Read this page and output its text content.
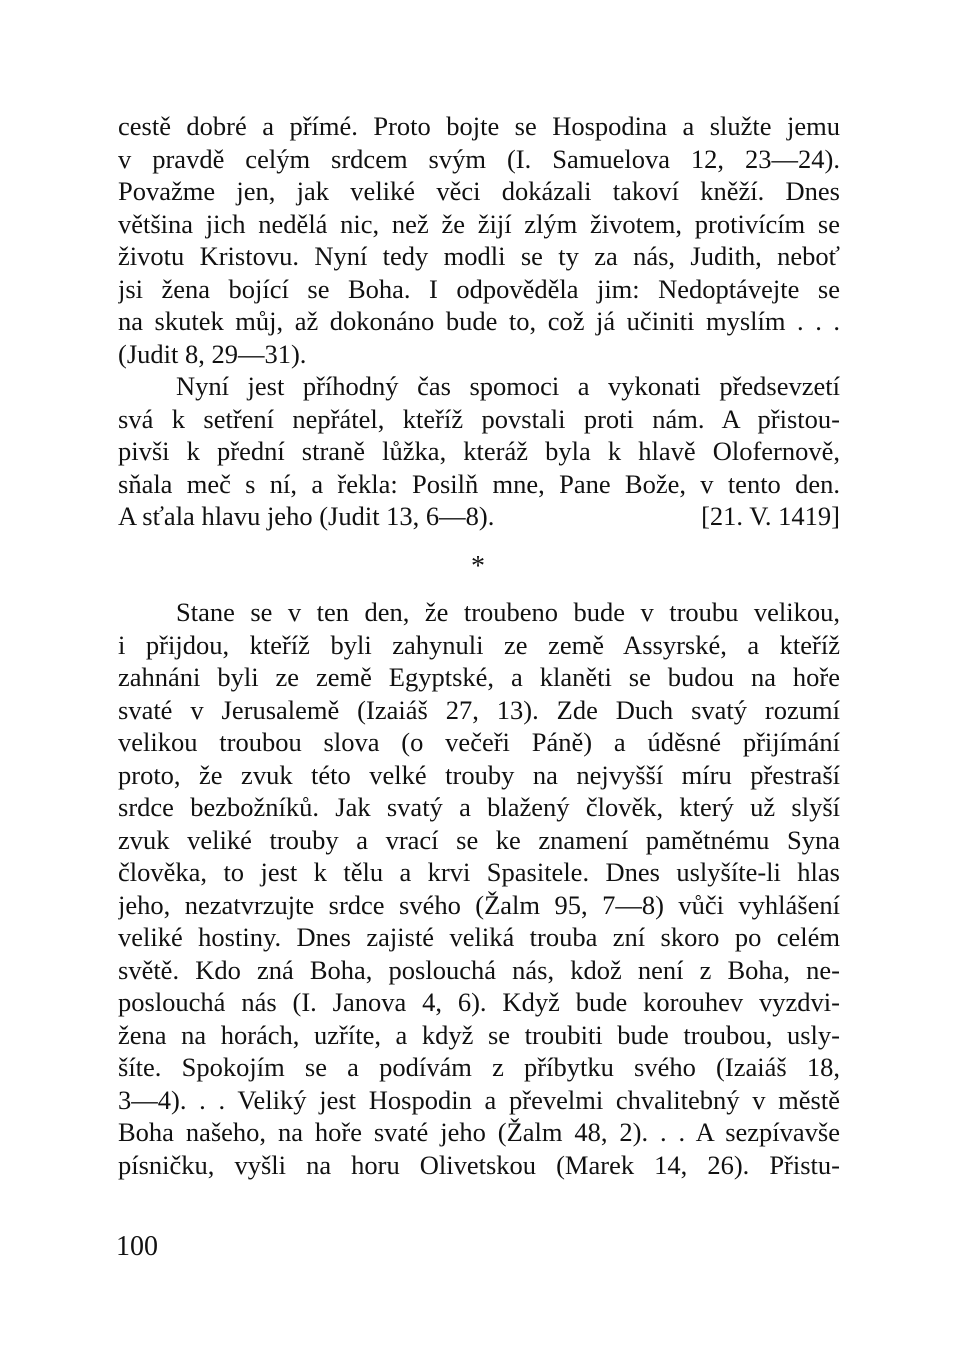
cestě dobré a přímé. Proto bojte se Hospodina a služte jemu
v pravdě celým srdcem svým (I. Samuelova 12, 23—24).
Považme jen, jak veliké věci dokázali takoví kněží. Dnes
většina jich nedělá nic, než že žijí zlým životem, protivícím se
životu Kristovu. Nyní tedy modli se ty za nás, Judith, neboť
jsi žena bojící se Boha. I odpověděla jim: Nedoptávejte se
na skutek můj, až dokonáno bude to, což já učiniti myslím . . .
(Judit 8, 29—31).
Nyní jest příhodný čas spomoci a vykonati předsevzetí
svá k setření nepřátel, kteříž povstali proti nám. A přistou-
pivši k přední straně lůžka, kteráž byla k hlavě Olofernově,
sňala meč s ní, a řekla: Posilň mne, Pane Bože, v tento den.
A sťala hlavu jeho (Judit 13, 6—8).	[21. V. 1419]
*
Stane se v ten den, že troubeno bude v troubu velikou,
i přijdou, kteříž byli zahynuli ze země Assyrské, a kteříž
zahnáni byli ze země Egyptské, a klaněti se budou na hoře
svaté v Jerusalemě (Izaiáš 27, 13). Zde Duch svatý rozumí
velikou troubou slova (o večeři Páně) a úděsné přijímání
proto, že zvuk této velké trouby na nejvyšší míru přestraší
srdce bezbožníků. Jak svatý a blažený člověk, který už slyší
zvuk veliké trouby a vrací se ke znamení pamětnému Syna
člověka, to jest k tělu a krvi Spasitele. Dnes uslyšíte-li hlas
jeho, nezatvrzujte srdce svého (Žalm 95, 7—8) vůči vyhlášení
veliké hostiny. Dnes zajisté veliká trouba zní skoro po celém
světě. Kdo zná Boha, poslouchá nás, kdož není z Boha, ne-
poslouchá nás (I. Janova 4, 6). Když bude korouhev vyzdvi-
žena na horách, uzříte, a když se troubiti bude troubou, usly-
šíte. Spokojím se a podívám z příbytku svého (Izaiáš 18,
3—4). . . Veliký jest Hospodin a převelmi chvalitebný v městě
Boha našeho, na hoře svaté jeho (Žalm 48, 2). . . A sezpívavše
písničku, vyšli na horu Olivetskou (Marek 14, 26). Přistu-
100
